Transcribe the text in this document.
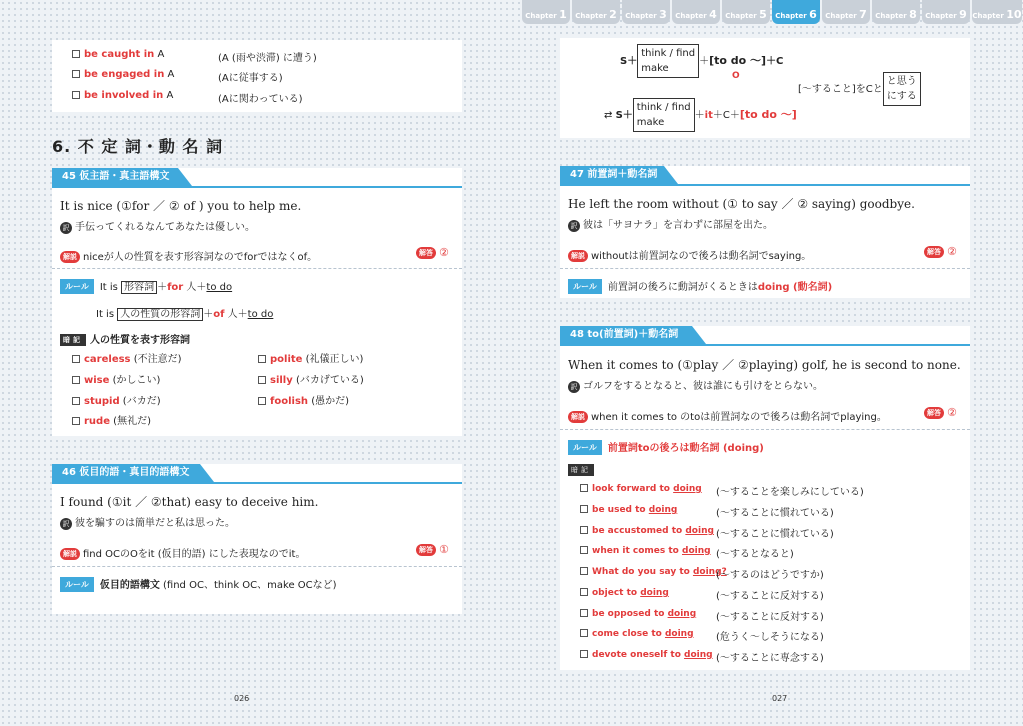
Chapter 1	Chapter 2	Chapter 3	Chapter 4	Chapter 5	Chapter 6	Chapter 7	Chapter 8	Chapter 9 Chapter 10
be caught in A	(A (雨や渋滞) に遭う)
be engaged in A	(Aに従事する)
be involved in A	(Aに関わっている)
6. 不 定 詞・動 名 詞
45 仮主語・真主語構文
It is nice (①for ／ ② of ) you to help me.
訳 手伝ってくれるなんてあなたは優しい。
解説 niceが人の性質を表す形容詞なのでforではなくof。	解答 ②
ルール It is 形容詞 ＋for 人＋to do
It is 人の性質の形容詞 ＋of 人＋to do
暗記 人の性質を表す形容詞
careless (不注意だ)	polite (礼儀正しい)
wise (かしこい)	silly (バカげている)
stupid (バカだ)	foolish (愚かだ)
rude (無礼だ)
46 仮目的語・真目的語構文
I found (①it ／ ②that) easy to deceive him.
訳 彼を騙すのは簡単だと私は思った。
解説 find OCのOをit (仮目的語) にした表現なのでit。	解答 ①
ルール 仮目的語構文 (find OC、think OC、make OCなど)
026
S＋think / find
make＋[to do 〜]＋C
O
[〜すること]をCとと思う
にする
⇄ S＋think / find
make＋it＋C＋[to do 〜]
47 前置詞＋動名詞
He left the room without (① to say ／ ② saying) goodbye.
訳 彼は「サヨナラ」を言わずに部屋を出た。
解説 withoutは前置詞なので後ろは動名詞でsaying。	解答 ②
ルール 前置詞の後ろに動詞がくるときはdoing (動名詞)
48 to(前置詞)＋動名詞
When it comes to (①play ／ ②playing) golf, he is second to none.
訳 ゴルフをするとなると、彼は誰にも引けをとらない。
解説 when it comes to のtoは前置詞なので後ろは動名詞でplaying。	解答 ②
ルール 前置詞toの後ろは動名詞 (doing)
暗記
look forward to doing (〜することを楽しみにしている)
be used to doing	(〜することに慣れている)
be accustomed to doing (〜することに慣れている)
when it comes to doing (〜するとなると)
What do you say to doing?
(〜するのはどうですか)
object to doing	(〜することに反対する)
be opposed to doing (〜することに反対する)
come close to doing (危うく〜しそうになる)
devote oneself to doing (〜することに専念する)
027
